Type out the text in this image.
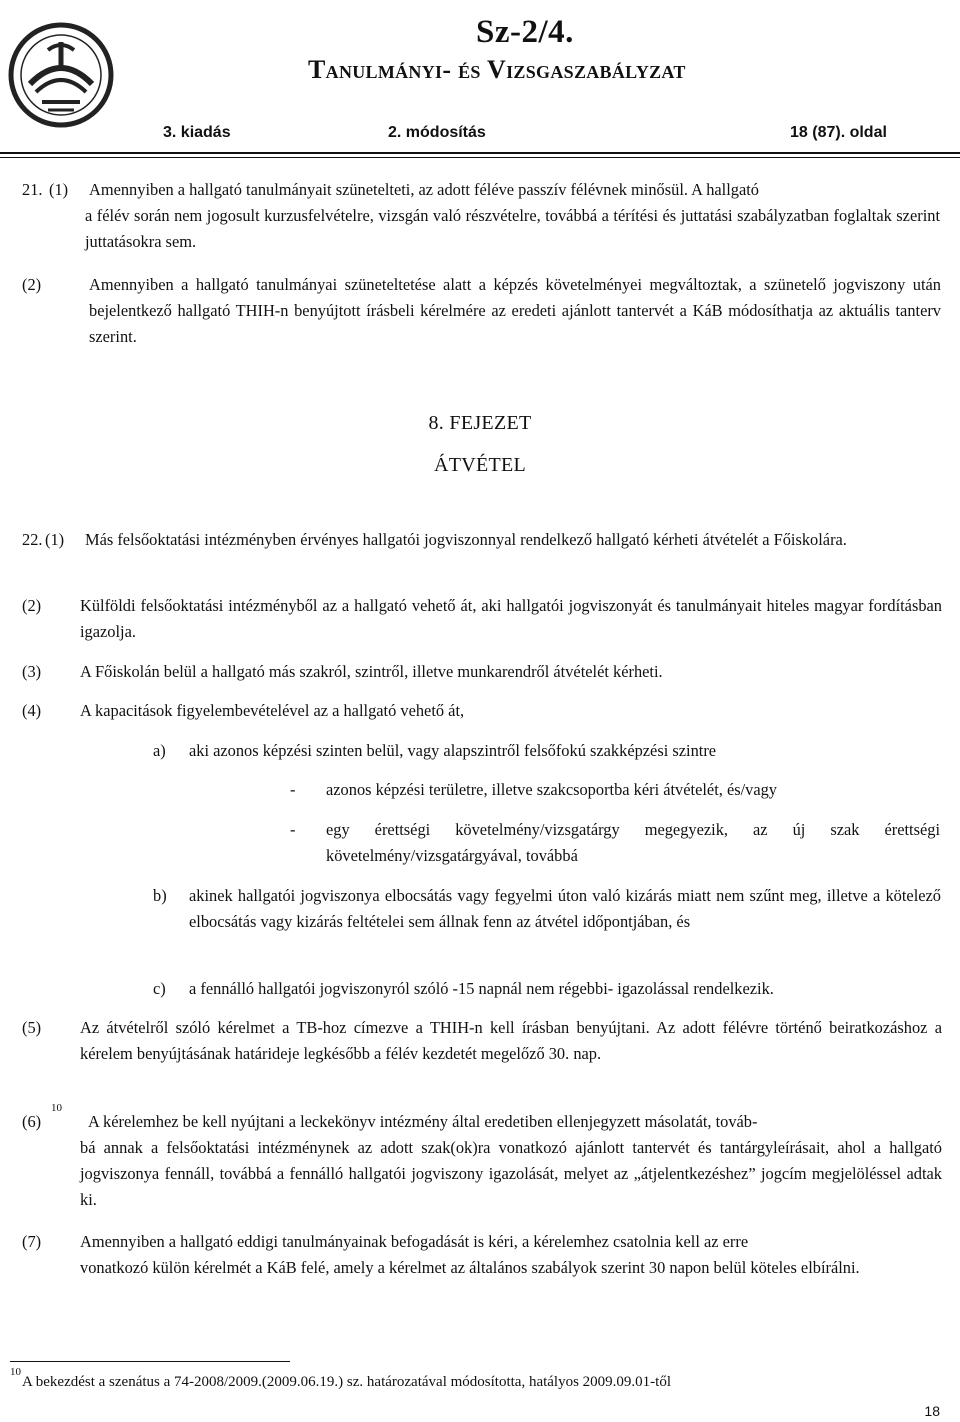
Sz-2/4.
Tanulmányi- és Vizsgaszabályzat
3. kiadás	2. módosítás	18 (87). oldal
21. (1) Amennyiben a hallgató tanulmányait szünetelteti, az adott féléve passzív félévnek minősül. A hallgató
a félév során nem jogosult kurzusfelvételre, vizsgán való részvételre, továbbá a térítési és juttatási szabályzatban foglaltak szerint juttatásokra sem.
(2)	Amennyiben a hallgató tanulmányai szüneteltetése alatt a képzés követelményei megváltoztak, a szünetelő jogviszony után bejelentkező hallgató THIH-n benyújtott írásbeli kérelmére az eredeti ajánlott tantervét a KáB módosíthatja az aktuális tanterv szerint.
8. FEJEZET
ÁTVÉTEL
22. (1) Más felsőoktatási intézményben érvényes hallgatói jogviszonnyal rendelkező hallgató kérheti átvételét a Főiskolára.
(2) Külföldi felsőoktatási intézményből az a hallgató vehető át, aki hallgatói jogviszonyát és tanulmányait hiteles magyar fordításban igazolja.
(3) A Főiskolán belül a hallgató más szakról, szintről, illetve munkarendről átvételét kérheti.
(4) A kapacitások figyelembevételével az a hallgató vehető át,
a) aki azonos képzési szinten belül, vagy alapszintről felsőfokú szakképzési szintre
- azonos képzési területre, illetve szakcsoportba kéri átvételét, és/vagy
- egy érettségi követelmény/vizsgatárgy megegyezik, az új szak érettségi követelmény/vizsgatárgyával, továbbá
b) akinek hallgatói jogviszonya elbocsátás vagy fegyelmi úton való kizárás miatt nem szűnt meg, illetve a kötelező elbocsátás vagy kizárás feltételei sem állnak fenn az átvétel időpontjában, és
c) a fennálló hallgatói jogviszonyról szóló -15 napnál nem régebbi- igazolással rendelkezik.
(5) Az átvételről szóló kérelmet a TB-hoz címezve a THIH-n kell írásban benyújtani. Az adott félévre történő beiratkozáshoz a kérelem benyújtásának határideje legkésőbb a félév kezdetét megelőző 30. nap.
(6)
10
A kérelemhez be kell nyújtani a leckekönyv intézmény által eredetiben ellenjegyzett másolatát, továb-
bá annak a felsőoktatási intézménynek az adott szak(ok)ra vonatkozó ajánlott tantervét és tantárgyleírásait, ahol a hallgató jogviszonya fennáll, továbbá a fennálló hallgatói jogviszony igazolását, melyet az „átjelentkezéshez” jogcím megjelöléssel adtak ki.
(7) Amennyiben a hallgató eddigi tanulmányainak befogadását is kéri, a kérelemhez csatolnia kell az erre
vonatkozó külön kérelmét a KáB felé, amely a kérelmet az általános szabályok szerint 30 napon belül köteles elbírálni.
10
A bekezdést a szenátus a 74-2008/2009.(2009.06.19.) sz. határozatával módosította, hatályos 2009.09.01-től
18
